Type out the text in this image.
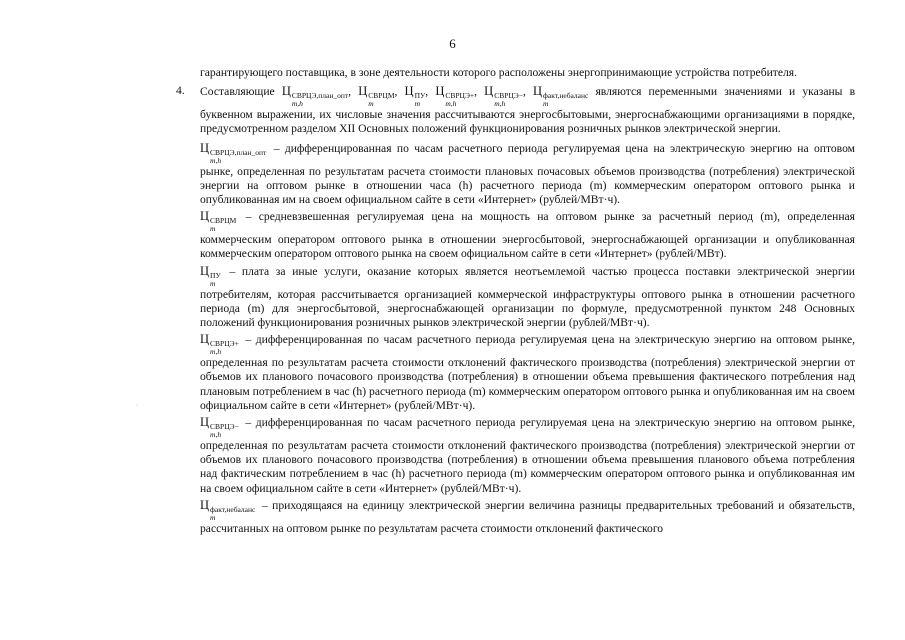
6

гарантирующего поставщика, в зоне деятельности которого расположены энергопринимающие устройства потребителя.

4. Составляющие Ц СВРЦЭ,план_опт
m,h
, Ц СВРЦМ
m
, Ц ПУ
m
, Ц СВРЦЭ+
m,h
, Ц СВРЦЭ−
m,h
, Ц факт,небаланс
m
являются переменными значениями и указаны в буквенном выражении, их числовые значения рассчитываются энергосбытовыми, энергоснабжающими организациями в порядке, предусмотренном разделом XII Основных положений функционирования розничных рынков электрической энергии.
Ц СВРЦЭ,план_опт
m,h
– дифференцированная по часам расчетного периода регулируемая цена на электрическую энергию на оптовом рынке, определенная по результатам расчета стоимости плановых почасовых объемов производства (потребления) электрической энергии на оптовом рынке в отношении часа (h) расчетного периода (m) коммерческим оператором оптового рынка и опубликованная им на своем официальном сайте в сети «Интернет» (рублей/МВт·ч).
Ц СВРЦМ
m
– средневзвешенная регулируемая цена на мощность на оптовом рынке за расчетный период (m), определенная коммерческим оператором оптового рынка в отношении энергосбытовой, энергоснабжающей организации и опубликованная коммерческим оператором оптового рынка на своем официальном сайте в сети «Интернет» (рублей/МВт).
Ц ПУ
m
– плата за иные услуги, оказание которых является неотъемлемой частью процесса поставки электрической энергии потребителям, которая рассчитывается организацией коммерческой инфраструктуры оптового рынка в отношении расчетного периода (m) для энергосбытовой, энергоснабжающей организации по формуле, предусмотренной пунктом 248 Основных положений функционирования розничных рынков электрической энергии (рублей/МВт·ч).
Ц СВРЦЭ+
m,h
– дифференцированная по часам расчетного периода регулируемая цена на электрическую энергию на оптовом рынке, определенная по результатам расчета стоимости отклонений фактического производства (потребления) электрической энергии от объемов их планового почасового производства (потребления) в отношении объема превышения фактического потребления над плановым потреблением в час (h) расчетного периода (m) коммерческим оператором оптового рынка и опубликованная им на своем официальном сайте в сети «Интернет» (рублей/МВт·ч).
Ц СВРЦЭ−
m,h
– дифференцированная по часам расчетного периода регулируемая цена на электрическую энергию на оптовом рынке, определенная по результатам расчета стоимости отклонений фактического производства (потребления) электрической энергии от объемов их планового почасового производства (потребления) в отношении объема превышения планового объема потребления над фактическим потреблением в час (h) расчетного периода (m) коммерческим оператором оптового рынка и опубликованная им на своем официальном сайте в сети «Интернет» (рублей/МВт·ч).
Ц факт,небаланс
m
– приходящаяся на единицу электрической энергии величина разницы предварительных требований и обязательств, рассчитанных на оптовом рынке по результатам расчета стоимости отклонений фактического
·
